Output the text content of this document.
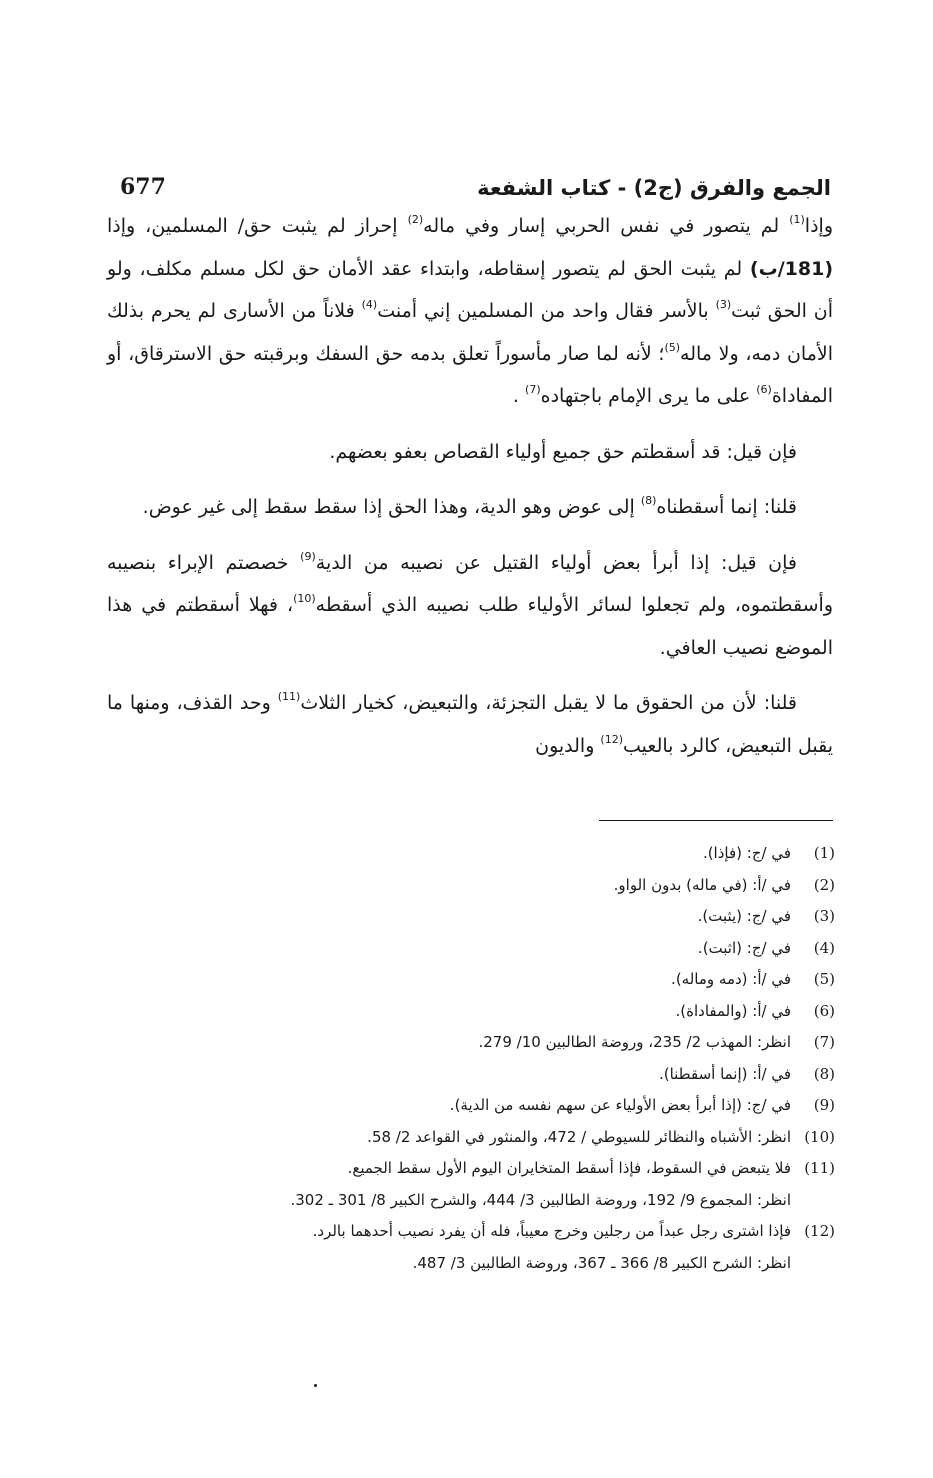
677	الجمع والفرق (ج2) - كتاب الشفعة

وإذا$^{(1)}$ لم يتصور في نفس الحربي إسار وفي ماله$^{(2)}$ إحراز لم يثبت حق/ المسلمين، وإذا (181/ب) لم يثبت الحق لم يتصور إسقاطه، وابتداء عقد الأمان حق لكل مسلم مكلف، ولو أن الحق ثبت$^{(3)}$ بالأسر فقال واحد من المسلمين إني أمنت$^{(4)}$ فلاناً من الأسارى لم يحرم بذلك الأمان دمه، ولا ماله$^{(5)}$؛ لأنه لما صار مأسوراً تعلق بدمه حق السفك وبرقبته حق الاسترقاق، أو المفاداة$^{(6)}$ على ما يرى الإمام باجتهاده$^{(7)}$ .

فإن قيل: قد أسقطتم حق جميع أولياء القصاص بعفو بعضهم.

قلنا: إنما أسقطناه$^{(8)}$ إلى عوض وهو الدية، وهذا الحق إذا سقط سقط إلى غير عوض.

فإن قيل: إذا أبرأ بعض أولياء القتيل عن نصيبه من الدية$^{(9)}$ خصصتم الإبراء بنصيبه وأسقطتموه، ولم تجعلوا لسائر الأولياء طلب نصيبه الذي أسقطه$^{(10)}$، فهلا أسقطتم في هذا الموضع نصيب العافي.

قلنا: لأن من الحقوق ما لا يقبل التجزئة، والتبعيض، كخيار الثلاث$^{(11)}$ وحد القذف، ومنها ما يقبل التبعيض، كالرد بالعيب$^{(12)}$ والديون

(1)
في /ج: (فإذا).
(2)
في /أ: (في ماله) بدون الواو.
(3)
في /ج: (يثبت).
(4)
في /ج: (اثبت).
(5)
في /أ: (دمه وماله).
(6)
في /أ: (والمفاداة).
(7)
انظر: المهذب 2/ 235، وروضة الطالبين 10/ 279.
(8)
في /أ: (إنما أسقطنا).
(9)
في /ج: (إذا أبرأ بعض الأولياء عن سهم نفسه من الدية).
(10)
انظر: الأشباه والنظائر للسيوطي / 472، والمنثور في القواعد 2/ 58.
(11)
فلا يتبعض في السقوط، فإذا أسقط المتخايران اليوم الأول سقط الجميع.
انظر: المجموع 9/ 192، وروضة الطالبين 3/ 444، والشرح الكبير 8/ 301 ـ 302.
(12)
فإذا اشترى رجل عبداً من رجلين وخرج معيباً، فله أن يفرد نصيب أحدهما بالرد.
انظر: الشرح الكبير 8/ 366 ـ 367، وروضة الطالبين 3/ 487.
